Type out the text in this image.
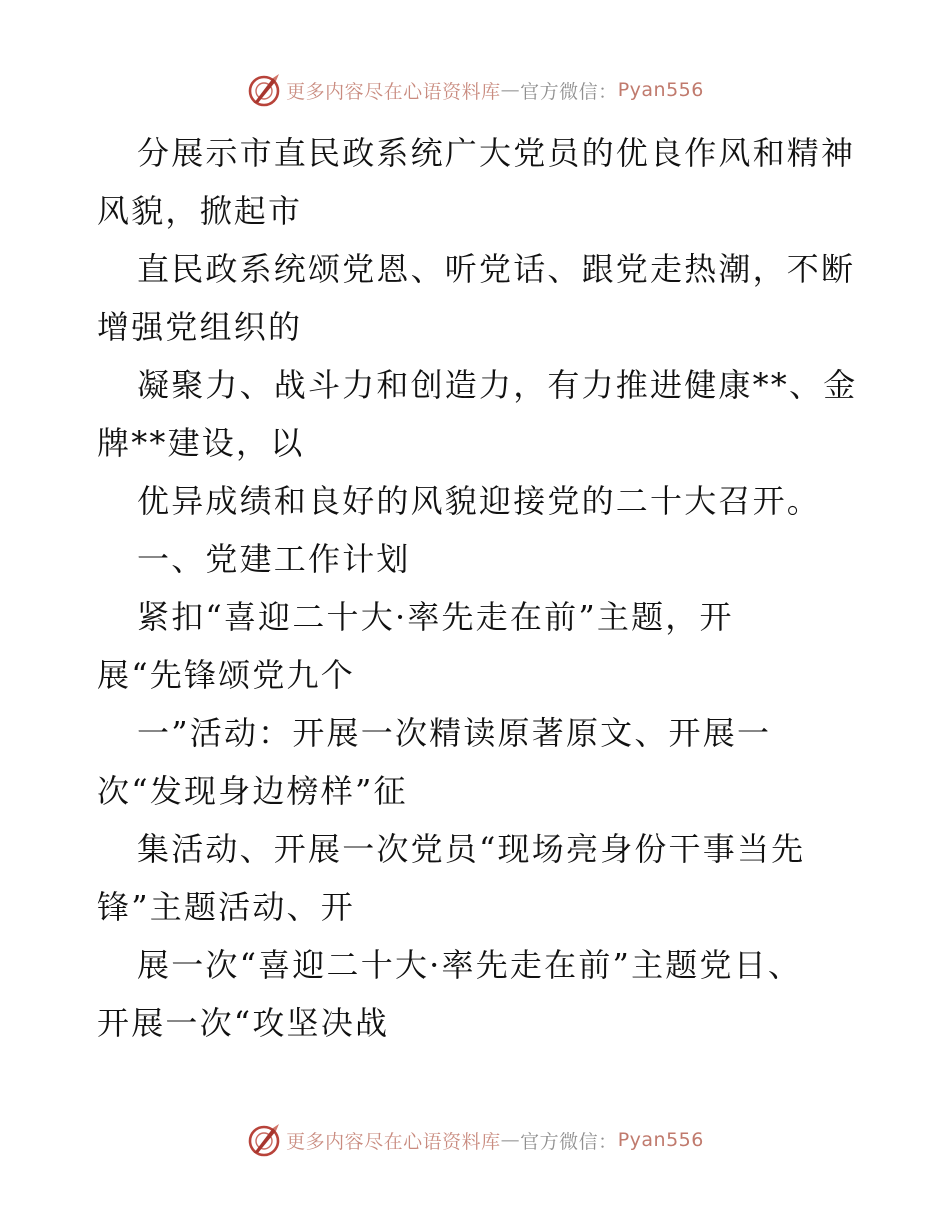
更多内容尽在心语资料库 — 官方微信： Pyan556

分展示市直民政系统广大党员的优良作风和精神

风貌，掀起市

直民政系统颂党恩、听党话、跟党走热潮，不断

增强党组织的

凝聚力、战斗力和创造力，有力推进健康**、金

牌**建设，以

优异成绩和良好的风貌迎接党的二十大召开。

一、党建工作计划

紧扣“喜迎二十大·率先走在前”主题，开

展“先锋颂党九个

一”活动：开展一次精读原著原文、开展一

次“发现身边榜样”征

集活动、开展一次党员“现场亮身份干事当先

锋”主题活动、开

展一次“喜迎二十大·率先走在前”主题党日、

开展一次“攻坚决战

更多内容尽在心语资料库 — 官方微信： Pyan556
